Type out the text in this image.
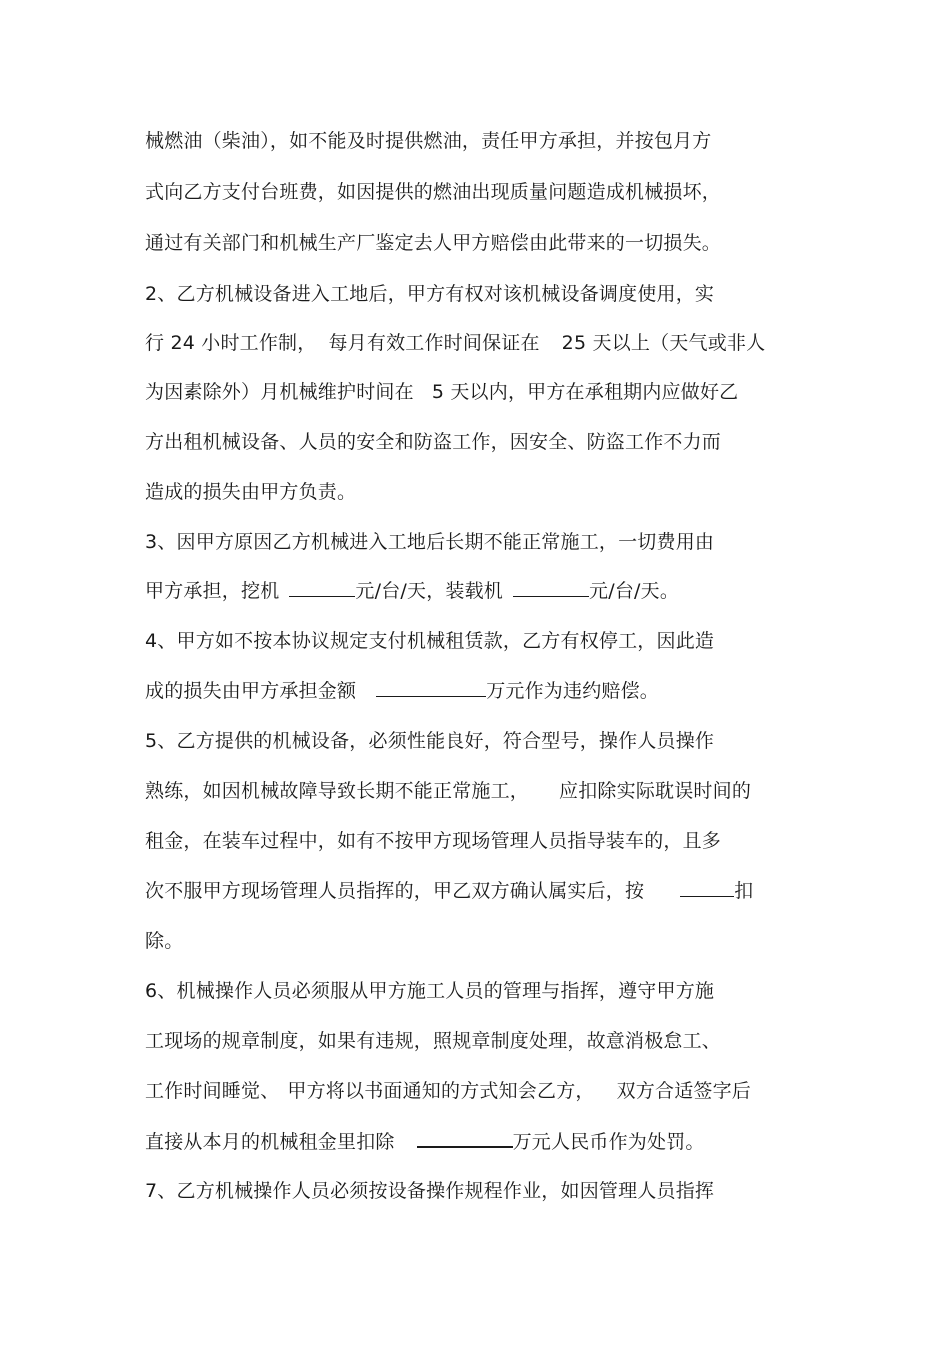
械燃油（柴油），如不能及时提供燃油，责任甲方承担，并按包月方
式向乙方支付台班费，如因提供的燃油出现质量问题造成机械损坏，
通过有关部门和机械生产厂鉴定去人甲方赔偿由此带来的一切损失。
2、乙方机械设备进入工地后，甲方有权对该机械设备调度使用，实
行 24 小时工作制， 每月有效工作时间保证在 25 天以上（天气或非人
为因素除外）月机械维护时间在 5 天以内，甲方在承租期内应做好乙
方出租机械设备、人员的安全和防盗工作，因安全、防盗工作不力而
造成的损失由甲方负责。
3、因甲方原因乙方机械进入工地后长期不能正常施工，一切费用由
甲方承担，挖机	元/台/天，装载机	元/台/天。
4、甲方如不按本协议规定支付机械租赁款，乙方有权停工，因此造
成的损失由甲方承担金额	万元作为违约赔偿。
5、乙方提供的机械设备，必须性能良好，符合型号，操作人员操作
熟练，如因机械故障导致长期不能正常施工， 应扣除实际耽误时间的
租金，在装车过程中，如有不按甲方现场管理人员指导装车的，且多
次不服甲方现场管理人员指挥的，甲乙双方确认属实后，按	扣
除。
6、机械操作人员必须服从甲方施工人员的管理与指挥，遵守甲方施
工现场的规章制度，如果有违规，照规章制度处理，故意消极怠工、
工作时间睡觉、 甲方将以书面通知的方式知会乙方， 双方合适签字后
直接从本月的机械租金里扣除	万元人民币作为处罚。
7、乙方机械操作人员必须按设备操作规程作业，如因管理人员指挥
